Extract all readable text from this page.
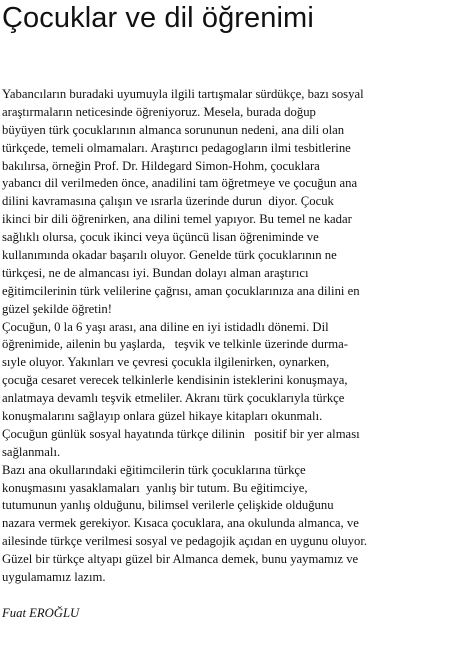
Çocuklar ve dil öğrenimi
Yabancıların buradaki uyumuyla ilgili tartışmalar sürdükçe, bazı sosyal
araştırmaların neticesinde öğreniyoruz. Mesela, burada doğup
büyüyen türk çocuklarının almanca sorununun nedeni, ana dili olan
türkçede, temeli olmamaları. Araştırıcı pedagogların ilmi tesbitlerine
bakılırsa, örneğin Prof. Dr. Hildegard Simon-Hohm, çocuklara
yabancı dil verilmeden önce, anadilini tam öğretmeye ve çocuğun ana
dilini kavramasına çalışın ve ısrarla üzerinde durun  diyor. Çocuk
ikinci bir dili öğrenirken, ana dilini temel yapıyor. Bu temel ne kadar
sağlıklı olursa, çocuk ikinci veya üçüncü lisan öğreniminde ve
kullanımında okadar başarılı oluyor. Genelde türk çocuklarının ne
türkçesi, ne de almancası iyi. Bundan dolayı alman araştırıcı
eğitimcilerinin türk velilerine çağrısı, aman çocuklarınıza ana dilini en
güzel şekilde öğretin!
Çocuğun, 0 la 6 yaşı arası, ana diline en iyi istidadlı dönemi. Dil
öğrenimide, ailenin bu yaşlarda,   teşvik ve telkinle üzerinde durma-
sıyle oluyor. Yakınları ve çevresi çocukla ilgilenirken, oynarken,
çocuğa cesaret verecek telkinlerle kendisinin isteklerini konuşmaya,
anlatmaya devamlı teşvik etmeliler. Akranı türk çocuklarıyla türkçe
konuşmalarını sağlayıp onlara güzel hikaye kitapları okunmalı.
Çocuğun günlük sosyal hayatında türkçe dilinin   positif bir yer alması
sağlanmalı.
Bazı ana okullarındaki eğitimcilerin türk çocuklarına türkçe
konuşmasını yasaklamaları  yanlış bir tutum. Bu eğitimciye,
tutumunun yanlış olduğunu, bilimsel verilerle çelişkide olduğunu
nazara vermek gerekiyor. Kısaca çocuklara, ana okulunda almanca, ve
ailesinde türkçe verilmesi sosyal ve pedagojik açıdan en uygunu oluyor.
Güzel bir türkçe altyapı güzel bir Almanca demek, bunu yaymamız ve
uygulamamız lazım.
Fuat EROĞLU
